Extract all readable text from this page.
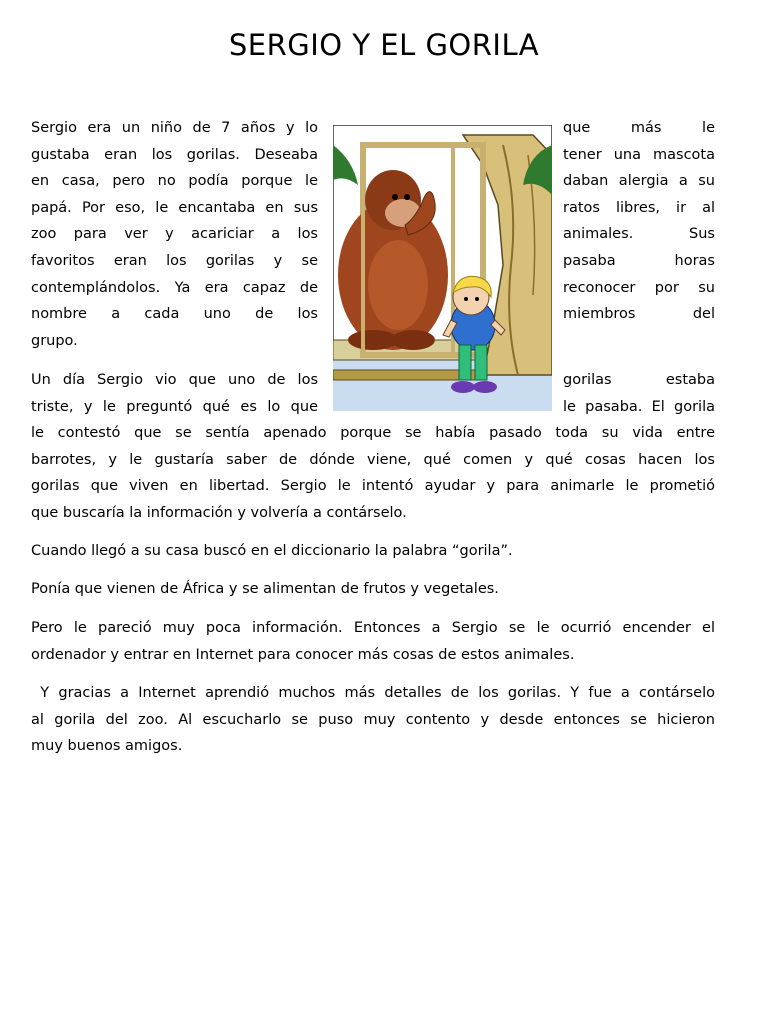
SERGIO Y EL GORILA
Sergio era un niño de 7 años y lo
gustaba eran los gorilas. Deseaba
en casa, pero no podía porque le
papá. Por eso, le encantaba en sus
zoo para ver y acariciar a los
favoritos eran los gorilas y se
contemplándolos. Ya era capaz de
nombre a cada uno de los
grupo.
que más le
tener una mascota
daban alergia a su
ratos libres, ir al
animales. Sus
pasaba horas
reconocer por su
miembros del
Un día Sergio vio que uno de los
triste, y le preguntó qué es lo que
gorilas estaba
le pasaba. El gorila
le contestó que se sentía apenado porque se había pasado toda su vida entre
barrotes, y le gustaría saber de dónde viene, qué comen y qué cosas hacen los
gorilas que viven en libertad. Sergio le intentó ayudar y para animarle le prometió
que buscaría la información y volvería a contárselo.
Cuando llegó a su casa buscó en el diccionario la palabra “gorila”.
Ponía que vienen de África y se alimentan de frutos y vegetales.
Pero le pareció muy poca información. Entonces a Sergio se le ocurrió encender el
ordenador y entrar en Internet para conocer más cosas de estos animales.
Y gracias a Internet aprendió muchos más detalles de los gorilas. Y fue a contárselo
al gorila del zoo. Al escucharlo se puso muy contento y desde entonces se hicieron
muy buenos amigos.
